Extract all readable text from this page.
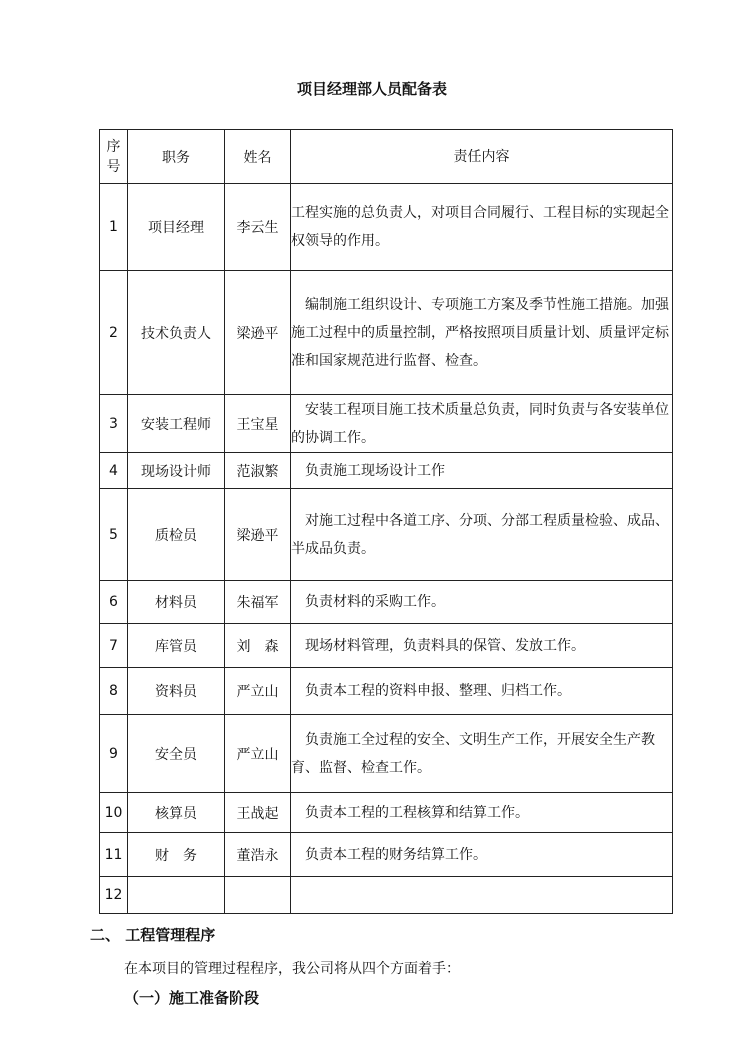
项目经理部人员配备表
序
号	职务	姓名	责任内容
1	项目经理	李云生	工程实施的总负责人，对项目合同履行、工程目标的实现起全权领导的作用。
2	技术负责人	梁逊平	　编制施工组织设计、专项施工方案及季节性施工措施。加强施工过程中的质量控制，严格按照项目质量计划、质量评定标准和国家规范进行监督、检查。
3	安装工程师	王宝星	　安装工程项目施工技术质量总负责，同时负责与各安装单位的协调工作。
4	现场设计师	范淑繁	　负责施工现场设计工作
5	质检员	梁逊平	　对施工过程中各道工序、分项、分部工程质量检验、成品、半成品负责。
6	材料员	朱福军	　负责材料的采购工作。
7	库管员	刘　森	　现场材料管理，负责料具的保管、发放工作。
8	资料员	严立山	　负责本工程的资料申报、整理、归档工作。
9	安全员	严立山	　负责施工全过程的安全、文明生产工作，开展安全生产教育、监督、检查工作。
10	核算员	王战起	　负责本工程的工程核算和结算工作。
11	财　务	董浩永	　负责本工程的财务结算工作。
12			
二、 工程管理程序
在本项目的管理过程程序，我公司将从四个方面着手：
（一）施工准备阶段
